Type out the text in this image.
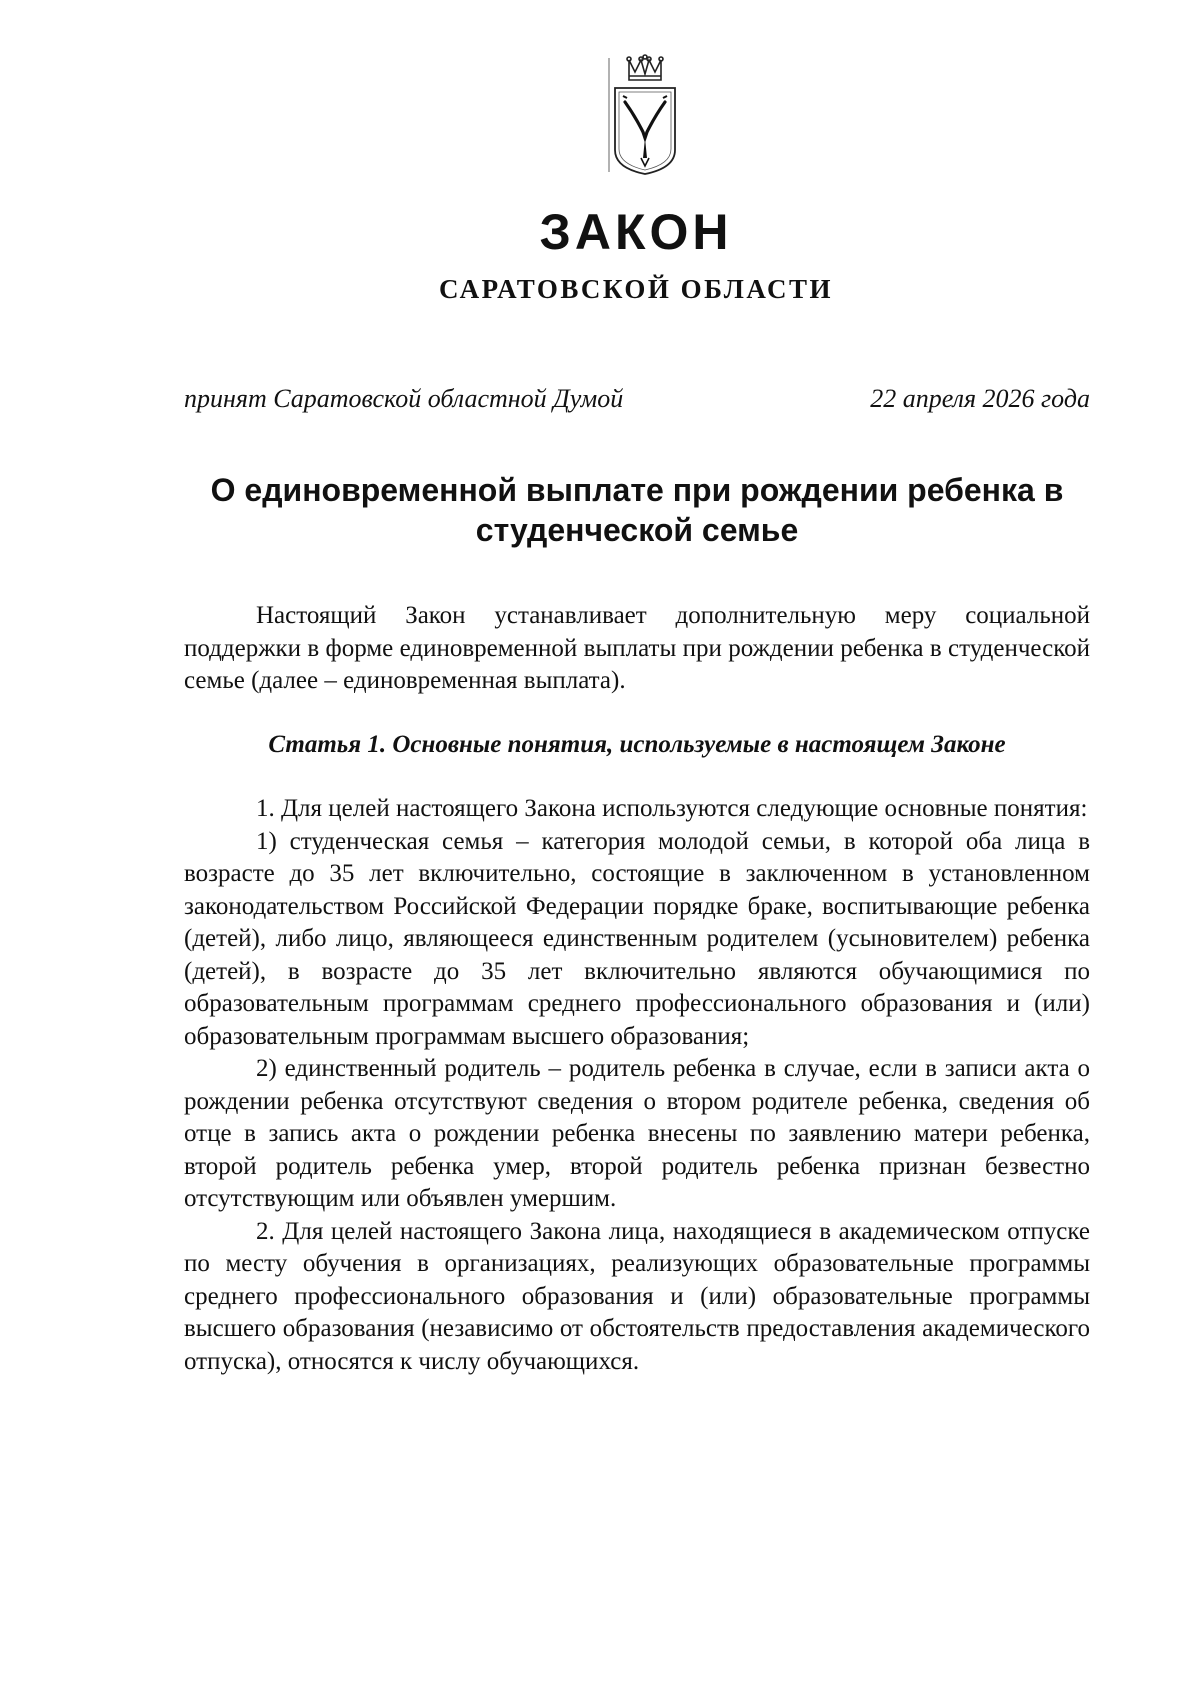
ЗАКОН
САРАТОВСКОЙ ОБЛАСТИ
принят Саратовской областной Думой	22 апреля 2026 года
О единовременной выплате при рождении ребенка в студенческой семье

Настоящий Закон устанавливает дополнительную меру социальной поддержки в форме единовременной выплаты при рождении ребенка в студенческой семье (далее – единовременная выплата).

Статья 1. Основные понятия, используемые в настоящем Законе

1. Для целей настоящего Закона используются следующие основные понятия:

1) студенческая семья – категория молодой семьи, в которой оба лица в возрасте до 35 лет включительно, состоящие в заключенном в установленном законодательством Российской Федерации порядке браке, воспитывающие ребенка (детей), либо лицо, являющееся единственным родителем (усыновителем) ребенка (детей), в возрасте до 35 лет включительно являются обучающимися по образовательным программам среднего профессионального образования и (или) образовательным программам высшего образования;

2) единственный родитель – родитель ребенка в случае, если в записи акта о рождении ребенка отсутствуют сведения о втором родителе ребенка, сведения об отце в запись акта о рождении ребенка внесены по заявлению матери ребенка, второй родитель ребенка умер, второй родитель ребенка признан безвестно отсутствующим или объявлен умершим.

2. Для целей настоящего Закона лица, находящиеся в академическом отпуске по месту обучения в организациях, реализующих образовательные программы среднего профессионального образования и (или) образовательные программы высшего образования (независимо от обстоятельств предоставления академического отпуска), относятся к числу обучающихся.
